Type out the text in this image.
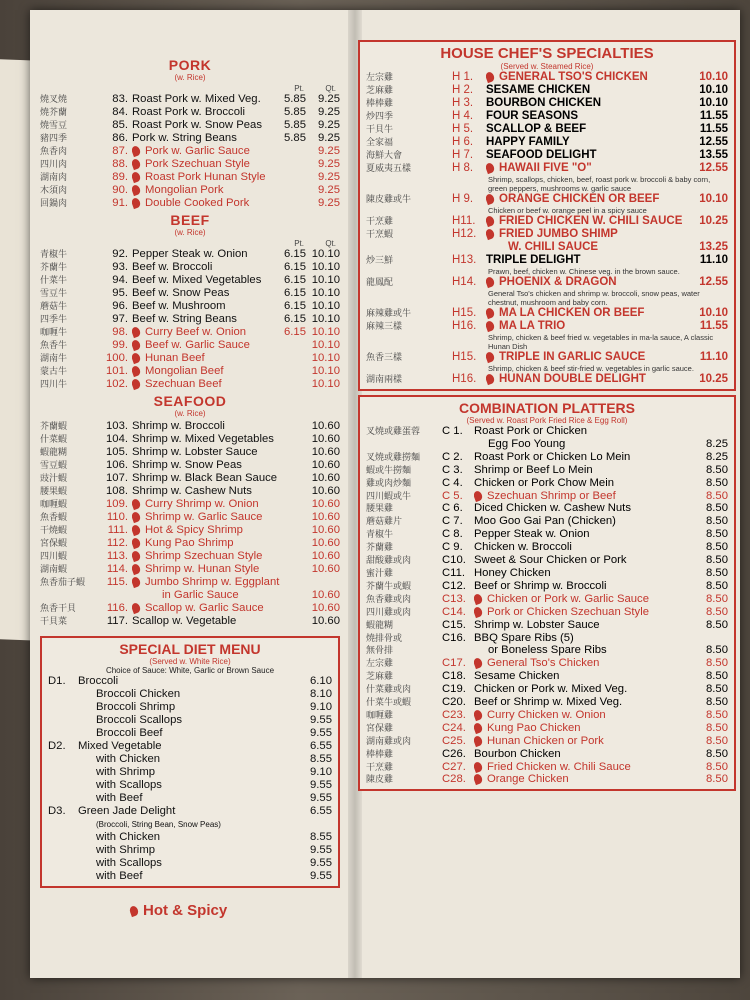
PORK
(w. Rice)
Pt.	Qt.
燒叉燒	83. Roast Pork w. Mixed Veg.	5.85	9.25
燒芥蘭	84. Roast Pork w. Broccoli	5.85	9.25
燒雪豆	85. Roast Pork w. Snow Peas	5.85	9.25
豬四季	86. Pork w. String Beans	5.85	9.25
魚香肉	87.	Pork w. Garlic Sauce	9.25
四川肉	88.	Pork Szechuan Style	9.25
湖南肉	89.	Roast Pork Hunan Style	9.25
木須肉	90.	Mongolian Pork	9.25
回鍋肉	91.	Double Cooked Pork	9.25
BEEF
(w. Rice)
Pt.	Qt.
青椒牛	92. Pepper Steak w. Onion	6.15 10.10
芥蘭牛	93. Beef w. Broccoli	6.15 10.10
什菜牛	94. Beef w. Mixed Vegetables	6.15 10.10
雪豆牛	95. Beef w. Snow Peas	6.15 10.10
蘑菇牛	96. Beef w. Mushroom	6.15 10.10
四季牛	97. Beef w. String Beans	6.15 10.10
咖喱牛	98.	Curry Beef w. Onion	6.15 10.10
魚香牛	99.	Beef w. Garlic Sauce	10.10
湖南牛	100.	Hunan Beef	10.10
蒙古牛	101.	Mongolian Beef	10.10
四川牛	102.	Szechuan Beef	10.10
SEAFOOD
(w. Rice)
芥蘭蝦	103. Shrimp w. Broccoli	10.60
什菜蝦	104. Shrimp w. Mixed Vegetables	10.60
蝦龍糊	105. Shrimp w. Lobster Sauce	10.60
雪豆蝦	106. Shrimp w. Snow Peas	10.60
豉汁蝦	107. Shrimp w. Black Bean Sauce	10.60
腰果蝦	108. Shrimp w. Cashew Nuts	10.60
咖喱蝦	109.	Curry Shrimp w. Onion	10.60
魚香蝦	110.	Shrimp w. Garlic Sauce	10.60
干燒蝦	111.	Hot & Spicy Shrimp	10.60
宮保蝦	112.	Kung Pao Shrimp	10.60
四川蝦	113.	Shrimp Szechuan Style	10.60
湖南蝦	114.	Shrimp w. Hunan Style	10.60
魚香茄子蝦	115.	Jumbo Shrimp w. Eggplant
in Garlic Sauce	10.60
魚香干貝	116.	Scallop w. Garlic Sauce	10.60
干貝菜	117. Scallop w. Vegetable	10.60
SPECIAL DIET MENU
(Served w. White Rice)
Choice of Sauce: White, Garlic or Brown Sauce
D1.	Broccoli	6.10
Broccoli Chicken	8.10
Broccoli Shrimp	9.10
Broccoli Scallops	9.55
Broccoli Beef	9.55
D2.	Mixed Vegetable	6.55
with Chicken	8.55
with Shrimp	9.10
with Scallops	9.55
with Beef	9.55
D3.	Green Jade Delight	6.55
(Broccoli, String Bean, Snow Peas)
with Chicken	8.55
with Shrimp	9.55
with Scallops	9.55
with Beef	9.55
Hot & Spicy
HOUSE CHEF'S SPECIALTIES
(Served w. Steamed Rice)
左宗雞	H 1.	GENERAL TSO'S CHICKEN	10.10
芝麻雞	H 2.	SESAME CHICKEN	10.10
棒棒雞	H 3.	BOURBON CHICKEN	10.10
炒四季	H 4.	FOUR SEASONS	11.55
干貝牛	H 5.	SCALLOP & BEEF	11.55
全家福	H 6.	HAPPY FAMILY	12.55
海鮮大會	H 7.	SEAFOOD DELIGHT	13.55
夏威夷五樣	H 8.	HAWAII FIVE "O"	12.55
Shrimp, scallops, chicken, beef, roast pork w. broccoli & baby corn, green peppers, mushrooms w. garlic sauce
陳皮雞或牛	H 9.	ORANGE CHICKEN OR BEEF	10.10
Chicken or beef w. orange peel in a spicy sauce
干烹雞	H11.	FRIED CHICKEN W. CHILI SAUCE	10.25
干烹蝦	H12.	FRIED JUMBO SHIMP
W. CHILI SAUCE	13.25
炒三鮮	H13. TRIPLE DELIGHT	11.10
Prawn, beef, chicken w. Chinese veg. in the brown sauce.
龍鳳配	H14.	PHOENIX & DRAGON	12.55
General Tso's chicken and shrimp w. broccoli, snow peas, water chestnut, mushroom and baby corn.
麻辣雞或牛	H15.	MA LA CHICKEN OR BEEF	10.10
麻辣三樣	H16.	MA LA TRIO	11.55
Shrimp, chicken & beef fried w. vegetables in ma-la sauce, A classic Hunan Dish
魚香三樣	H15.	TRIPLE IN GARLIC SAUCE	11.10
Shrimp, chicken & beef stir-fried w. vegetables in garlic sauce.
湖南兩樣	H16.	HUNAN DOUBLE DELIGHT	10.25
COMBINATION PLATTERS
(Served w. Roast Pork Fried Rice & Egg Roll)
叉燒或雞蛋蓉	C 1. Roast Pork or Chicken
Egg Foo Young	8.25
叉燒或雞撈麵	C 2. Roast Pork or Chicken Lo Mein	8.25
蝦或牛撈麵	C 3. Shrimp or Beef Lo Mein	8.50
雞或肉炒麵	C 4. Chicken or Pork Chow Mein	8.50
四川蝦或牛	C 5.	Szechuan Shrimp or Beef	8.50
腰果雞	C 6. Diced Chicken w. Cashew Nuts	8.50
蘑菇雞片	C 7. Moo Goo Gai Pan (Chicken)	8.50
青椒牛	C 8. Pepper Steak w. Onion	8.50
芥蘭雞	C 9. Chicken w. Broccoli	8.50
甜酸雞或肉	C10. Sweet & Sour Chicken or Pork	8.50
蜜汁雞	C11. Honey Chicken	8.50
芥蘭牛或蝦	C12. Beef or Shrimp w. Broccoli	8.50
魚香雞或肉	C13.	Chicken or Pork w. Garlic Sauce	8.50
四川雞或肉	C14.	Pork or Chicken Szechuan Style	8.50
蝦龍糊	C15. Shrimp w. Lobster Sauce	8.50
燒排骨或	C16. BBQ Spare Ribs (5)
無骨排	or Boneless Spare Ribs	8.50
左宗雞	C17.	General Tso's Chicken	8.50
芝麻雞	C18. Sesame Chicken	8.50
什菜雞或肉	C19. Chicken or Pork w. Mixed Veg.	8.50
什菜牛或蝦	C20. Beef or Shrimp w. Mixed Veg.	8.50
咖喱雞	C23.	Curry Chicken w. Onion	8.50
宮保雞	C24.	Kung Pao Chicken	8.50
湖南雞或肉	C25.	Hunan Chicken or Pork	8.50
棒棒雞	C26. Bourbon Chicken	8.50
干烹雞	C27.	Fried Chicken w. Chili Sauce	8.50
陳皮雞	C28.	Orange Chicken	8.50
